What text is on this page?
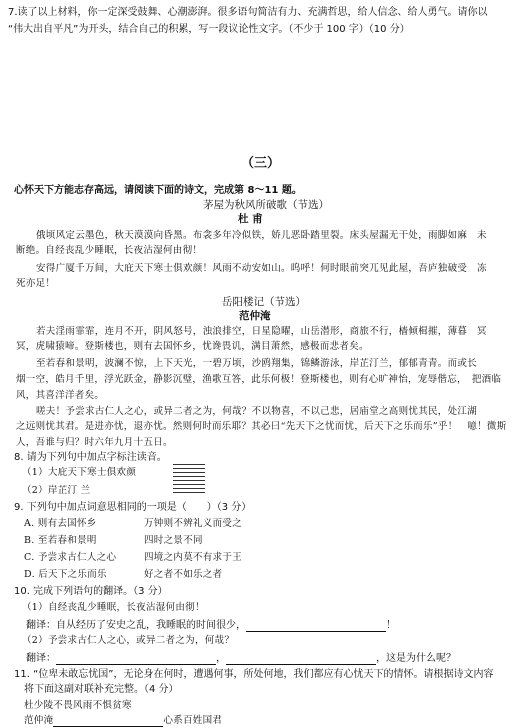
7.读了以上材料，你一定深受鼓舞、心潮澎湃。很多语句简洁有力、充满哲思，给人信念、给人勇气。请你以
“伟大出自平凡”为开头，结合自己的积累，写一段议论性文字。（不少于 100 字）（10 分）
（三）
心怀天下方能志存高远，请阅读下面的诗文，完成第 8～11 题。
茅屋为秋风所破歌（节选）
杜 甫
俄顷风定云墨色，秋天漠漠向昏黑。布衾多年冷似铁，娇儿恶卧踏里裂。床头屋漏无干处，雨脚如麻　未
断绝。自经丧乱少睡眠，长夜沾湿何由彻！
安得广厦千万间，大庇天下寒士俱欢颜！风雨不动安如山。呜呼！何时眼前突兀见此屋，吾庐独破受　冻
死亦足！
岳阳楼记（节选）
范仲淹
若夫淫雨霏霏，连月不开，阴风怒号，浊浪排空，日星隐曜，山岳潜形，商旅不行，樯倾楫摧，薄暮　冥
冥，虎啸猿啼。登斯楼也，则有去国怀乡，忧谗畏讥，满目萧然，感极而悲者矣。
至若春和景明，波澜不惊，上下天光，一碧万顷，沙鸥翔集，锦鳞游泳，岸芷汀兰，郁郁青青。而或长
烟一空，皓月千里，浮光跃金，静影沉璧，渔歌互答，此乐何极！登斯楼也，则有心旷神怡，宠辱偕忘，　把酒临
风，其喜洋洋者矣。
嗟夫！予尝求古仁人之心，或异二者之为，何哉？不以物喜，不以己悲，居庙堂之高则忧其民，处江湖
之远则忧其君。是进亦忧，退亦忧。然则何时而乐耶？其必曰“先天下之忧而忧，后天下之乐而乐”乎！　噫！微斯
人，吾谁与归？时六年九月十五日。
8. 请为下列句中加点字标注读音。
（1）大庇天下寒士俱欢颜
（2）岸芷汀 兰
9. 下列句中加点词意思相同的一项是（　　）（3 分）
A. 则有去国怀乡	万钟则不辨礼义而受之
B. 至若春和景明	四时之景不同
C. 予尝求古仁人之心	四境之内莫不有求于王
D. 后天下之乐而乐	好之者不如乐之者
10. 完成下列语句的翻译。（3 分）
（1）自经丧乱少睡眠，长夜沾湿何由彻！
翻译：自从经历了安史之乱，我睡眠的时间很少，	！
（2）予尝求古仁人之心，或异二者之为，何哉？
翻译：	，	，这是为什么呢？
11. “位卑未敢忘忧国”，无论身在何时，遭遇何事，所处何地，我们都应有心忧天下的情怀。请根据诗文内容
将下面这副对联补充完整。（4 分）
杜少陵不畏风雨不惧贫寒
范仲淹	心系百姓国君
